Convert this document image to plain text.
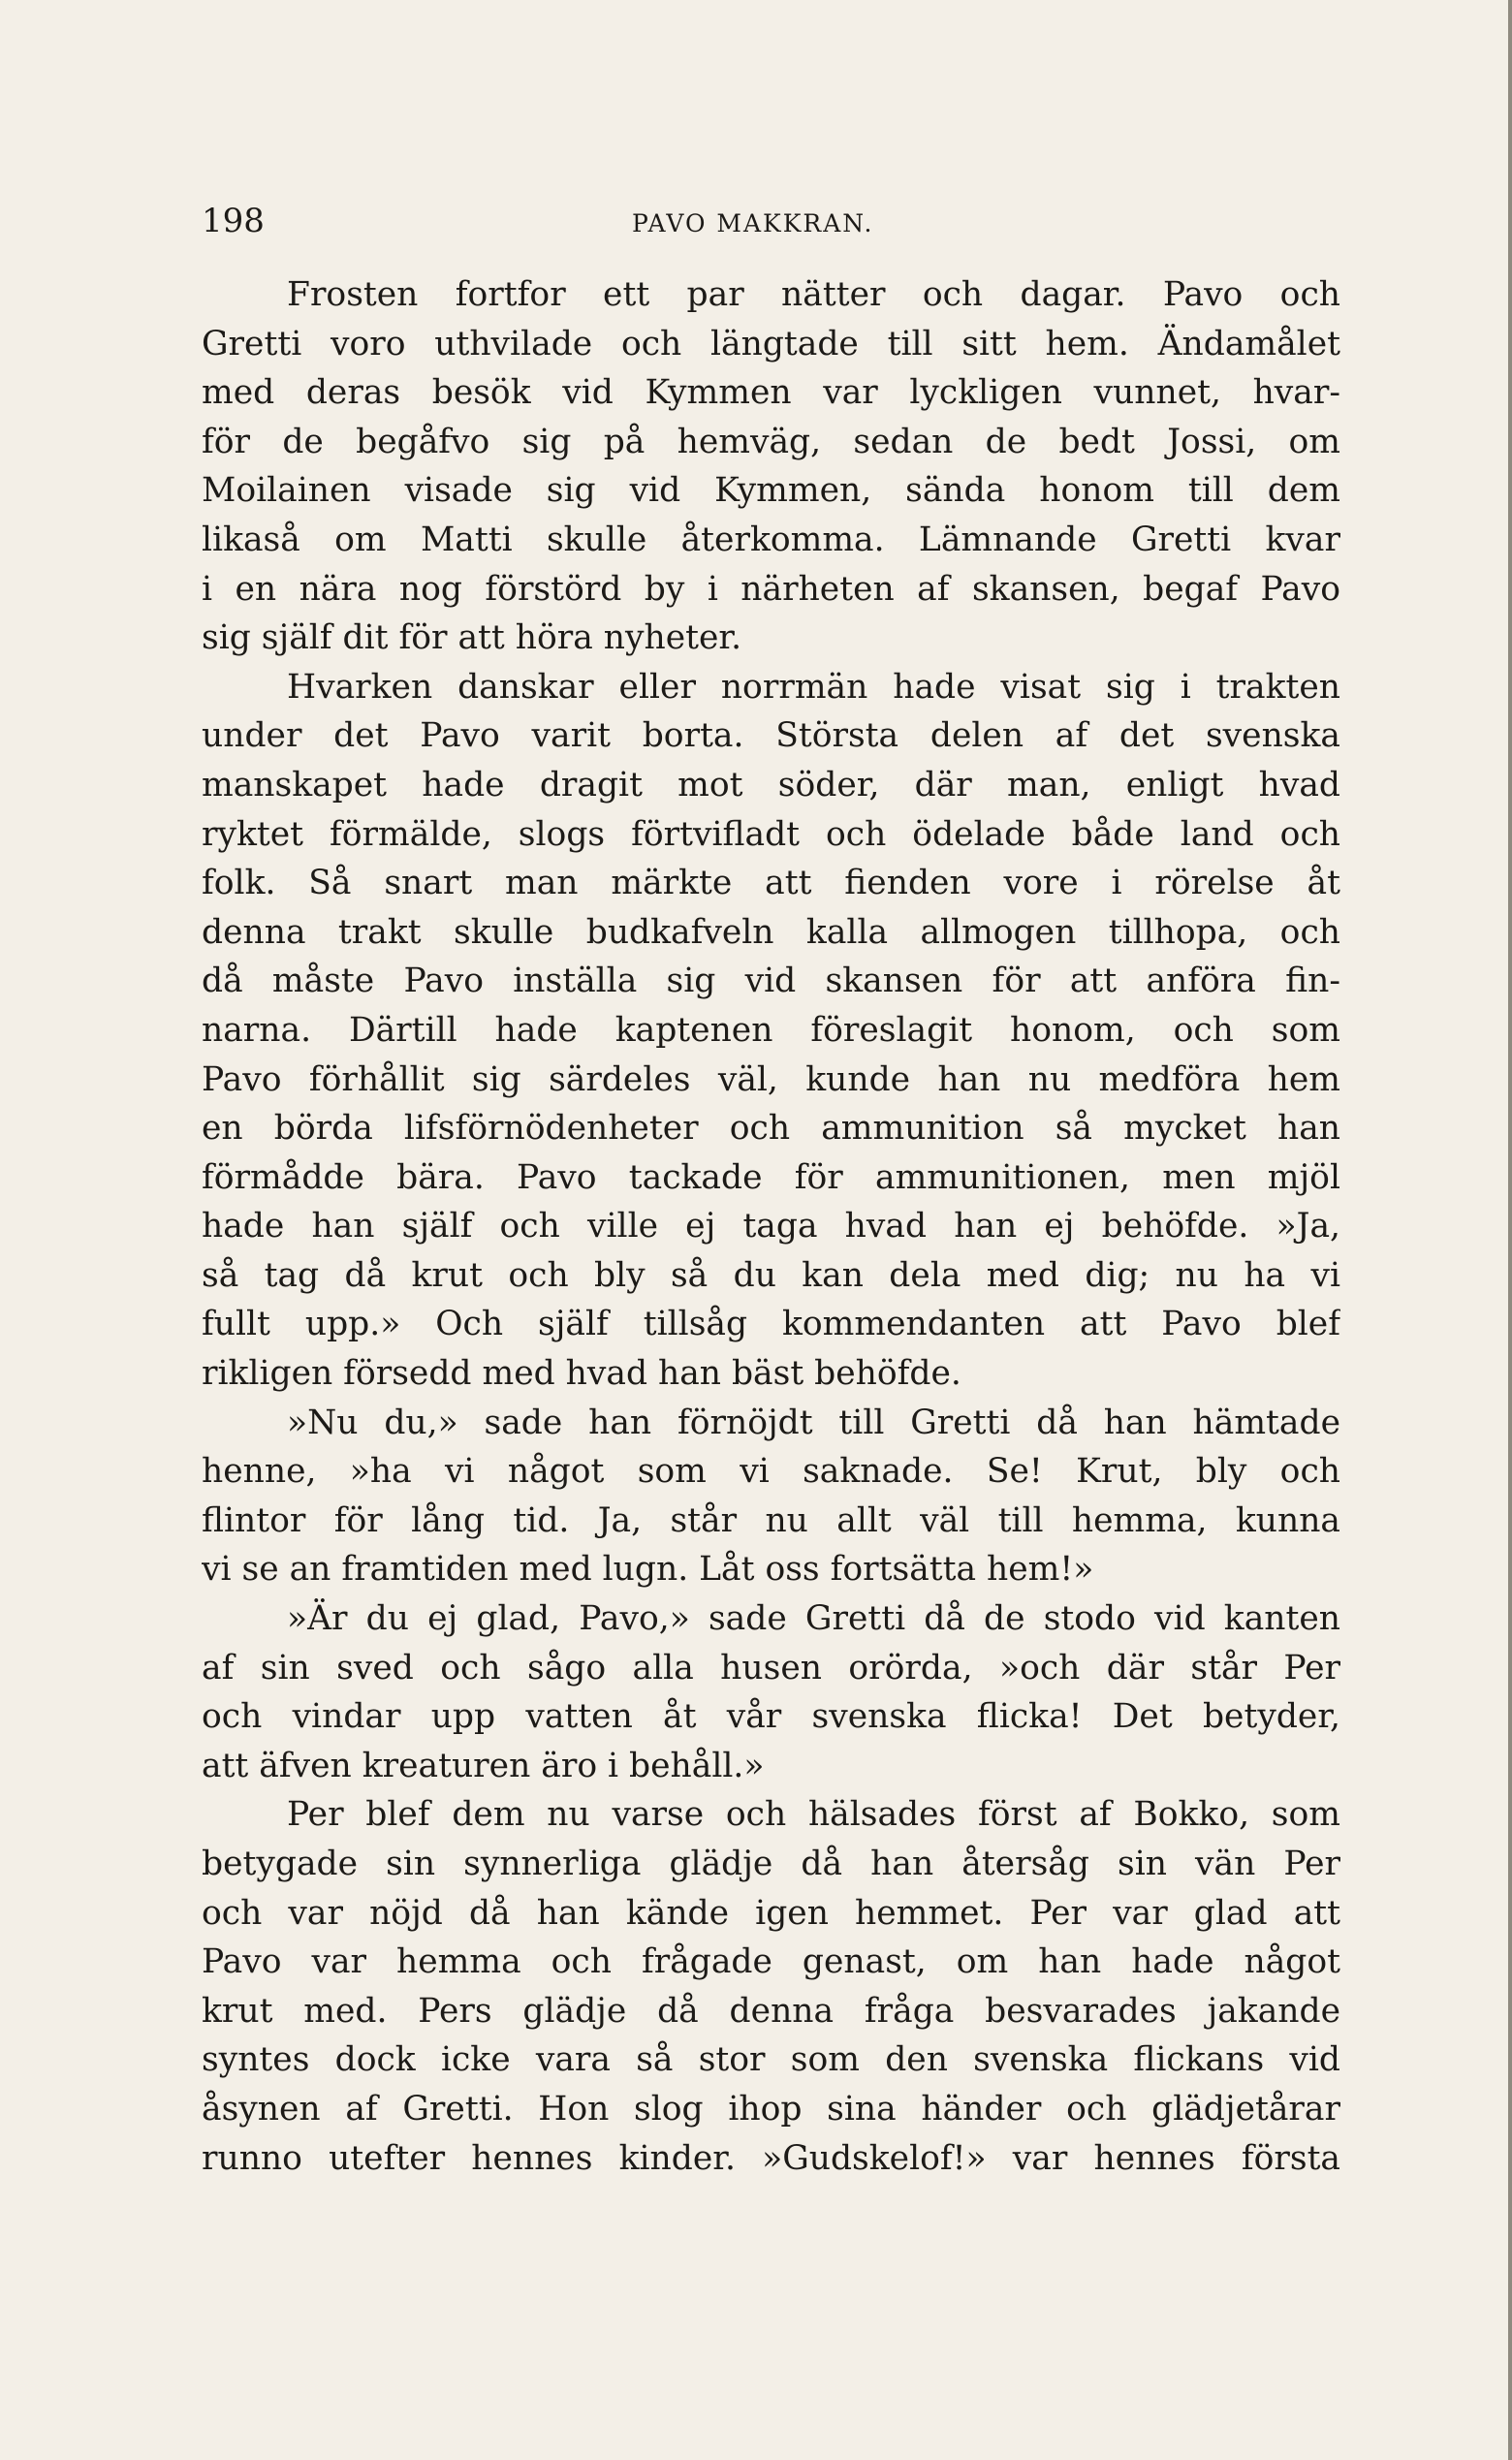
198	PAVO MAKKRAN.
Frosten fortfor ett par nätter och dagar. Pavo och
Gretti voro uthvilade och längtade till sitt hem. Ändamålet
med deras besök vid Kymmen var lyckligen vunnet, hvar-
för de begåfvo sig på hemväg, sedan de bedt Jossi, om
Moilainen visade sig vid Kymmen, sända honom till dem
likaså om Matti skulle återkomma. Lämnande Gretti kvar
i en nära nog förstörd by i närheten af skansen, begaf Pavo
sig själf dit för att höra nyheter.
Hvarken danskar eller norrmän hade visat sig i trakten
under det Pavo varit borta. Största delen af det svenska
manskapet hade dragit mot söder, där man, enligt hvad
ryktet förmälde, slogs förtvifladt och ödelade både land och
folk. Så snart man märkte att fienden vore i rörelse åt
denna trakt skulle budkafveln kalla allmogen tillhopa, och
då måste Pavo inställa sig vid skansen för att anföra fin-
narna. Därtill hade kaptenen föreslagit honom, och som
Pavo förhållit sig särdeles väl, kunde han nu medföra hem
en börda lifsförnödenheter och ammunition så mycket han
förmådde bära. Pavo tackade för ammunitionen, men mjöl
hade han själf och ville ej taga hvad han ej behöfde. »Ja,
så tag då krut och bly så du kan dela med dig; nu ha vi
fullt upp.» Och själf tillsåg kommendanten att Pavo blef
rikligen försedd med hvad han bäst behöfde.
»Nu du,» sade han förnöjdt till Gretti då han hämtade
henne, »ha vi något som vi saknade. Se! Krut, bly och
flintor för lång tid. Ja, står nu allt väl till hemma, kunna
vi se an framtiden med lugn. Låt oss fortsätta hem!»
»Är du ej glad, Pavo,» sade Gretti då de stodo vid kanten
af sin sved och sågo alla husen orörda, »och där står Per
och vindar upp vatten åt vår svenska flicka! Det betyder,
att äfven kreaturen äro i behåll.»
Per blef dem nu varse och hälsades först af Bokko, som
betygade sin synnerliga glädje då han återsåg sin vän Per
och var nöjd då han kände igen hemmet. Per var glad att
Pavo var hemma och frågade genast, om han hade något
krut med. Pers glädje då denna fråga besvarades jakande
syntes dock icke vara så stor som den svenska flickans vid
åsynen af Gretti. Hon slog ihop sina händer och glädjetårar
runno utefter hennes kinder. »Gudskelof!» var hennes första
